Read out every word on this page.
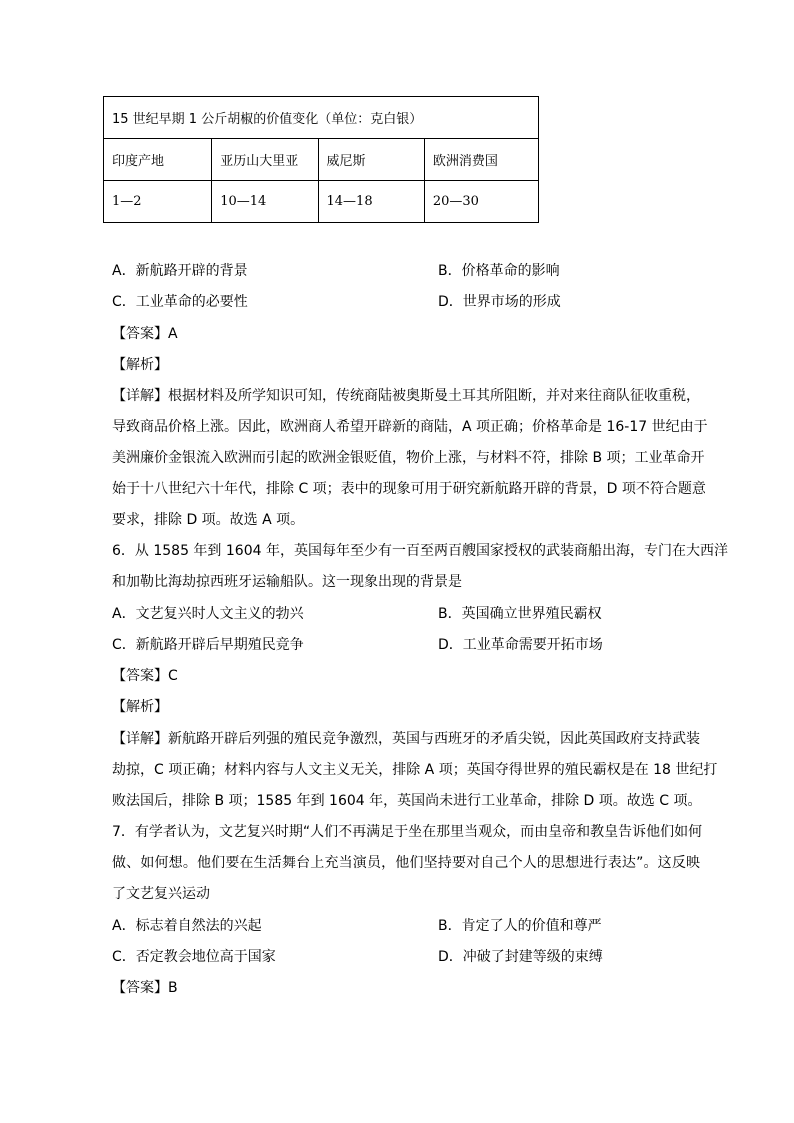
15 世纪早期 1 公斤胡椒的价值变化（单位：克白银）			
印度产地	亚历山大里亚	威尼斯	欧洲消费国
1—2	10—14	14—18	20—30
A．新航路开辟的背景	B．价格革命的影响
C．工业革命的必要性	D．世界市场的形成
【答案】A
【解析】
【详解】根据材料及所学知识可知，传统商陆被奥斯曼土耳其所阻断，并对来往商队征收重税，
导致商品价格上涨。因此，欧洲商人希望开辟新的商陆，A 项正确；价格革命是 16-17 世纪由于
美洲廉价金银流入欧洲而引起的欧洲金银贬值，物价上涨，与材料不符，排除 B 项；工业革命开
始于十八世纪六十年代，排除 C 项；表中的现象可用于研究新航路开辟的背景，D 项不符合题意
要求，排除 D 项。故选 A 项。
6．从 1585 年到 1604 年，英国每年至少有一百至两百艘国家授权的武装商船出海，专门在大西洋
和加勒比海劫掠西班牙运输船队。这一现象出现的背景是
A．文艺复兴时人文主义的勃兴	B．英国确立世界殖民霸权
C．新航路开辟后早期殖民竞争	D．工业革命需要开拓市场
【答案】C
【解析】
【详解】新航路开辟后列强的殖民竞争激烈，英国与西班牙的矛盾尖锐，因此英国政府支持武装
劫掠，C 项正确；材料内容与人文主义无关，排除 A 项；英国夺得世界的殖民霸权是在 18 世纪打
败法国后，排除 B 项；1585 年到 1604 年，英国尚未进行工业革命，排除 D 项。故选 C 项。
7．有学者认为，文艺复兴时期“人们不再满足于坐在那里当观众，而由皇帝和教皇告诉他们如何
做、如何想。他们要在生活舞台上充当演员，他们坚持要对自己个人的思想进行表达”。这反映
了文艺复兴运动
A．标志着自然法的兴起	B．肯定了人的价值和尊严
C．否定教会地位高于国家	D．冲破了封建等级的束缚
【答案】B
